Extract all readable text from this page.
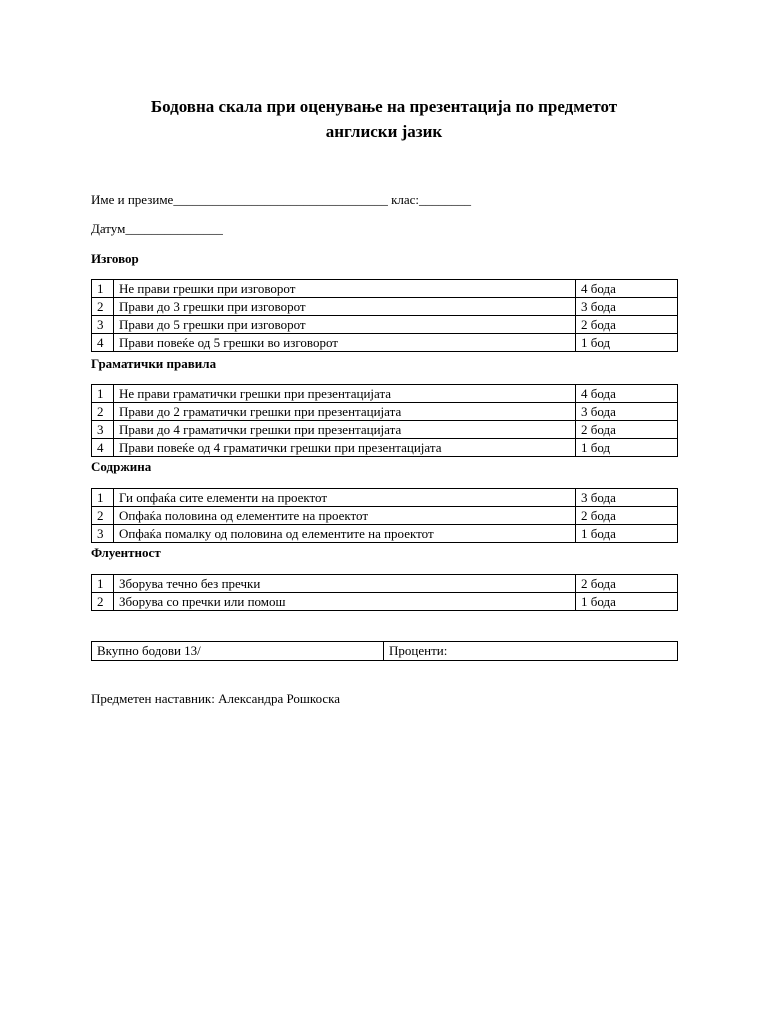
Бодовна скала при оценување на презентација по предметот
англиски јазик
Име и презиме_________________________________ клас:________
Датум_______________
Изговор
1	Не прави грешки при изговорот	4 бода
2	Прави до 3 грешки при изговорот	3 бода
3	Прави до 5 грешки при изговорот	2 бода
4	Прави повеќе од 5 грешки во изговорот	1 бод
Граматички правила
1	Не прави граматички грешки при презентацијата	4 бода
2	Прави до 2 граматички грешки при презентацијата	3 бода
3	Прави до 4 граматички грешки при презентацијата	2 бода
4	Прави повеќе од 4 граматички грешки при презентацијата	1 бод
Содржина
1	Ги опфаќа сите елементи на проектот	3 бода
2	Опфаќа половина од елементите на проектот	2 бода
3	Опфаќа помалку од половина од елементите на проектот	1 бода
Флуентност
1	Зборува течно без пречки	2 бода
2	Зборува со пречки или помош	1 бода
Вкупно бодови 13/	Проценти:
Предметен наставник: Александра Рошкоска
